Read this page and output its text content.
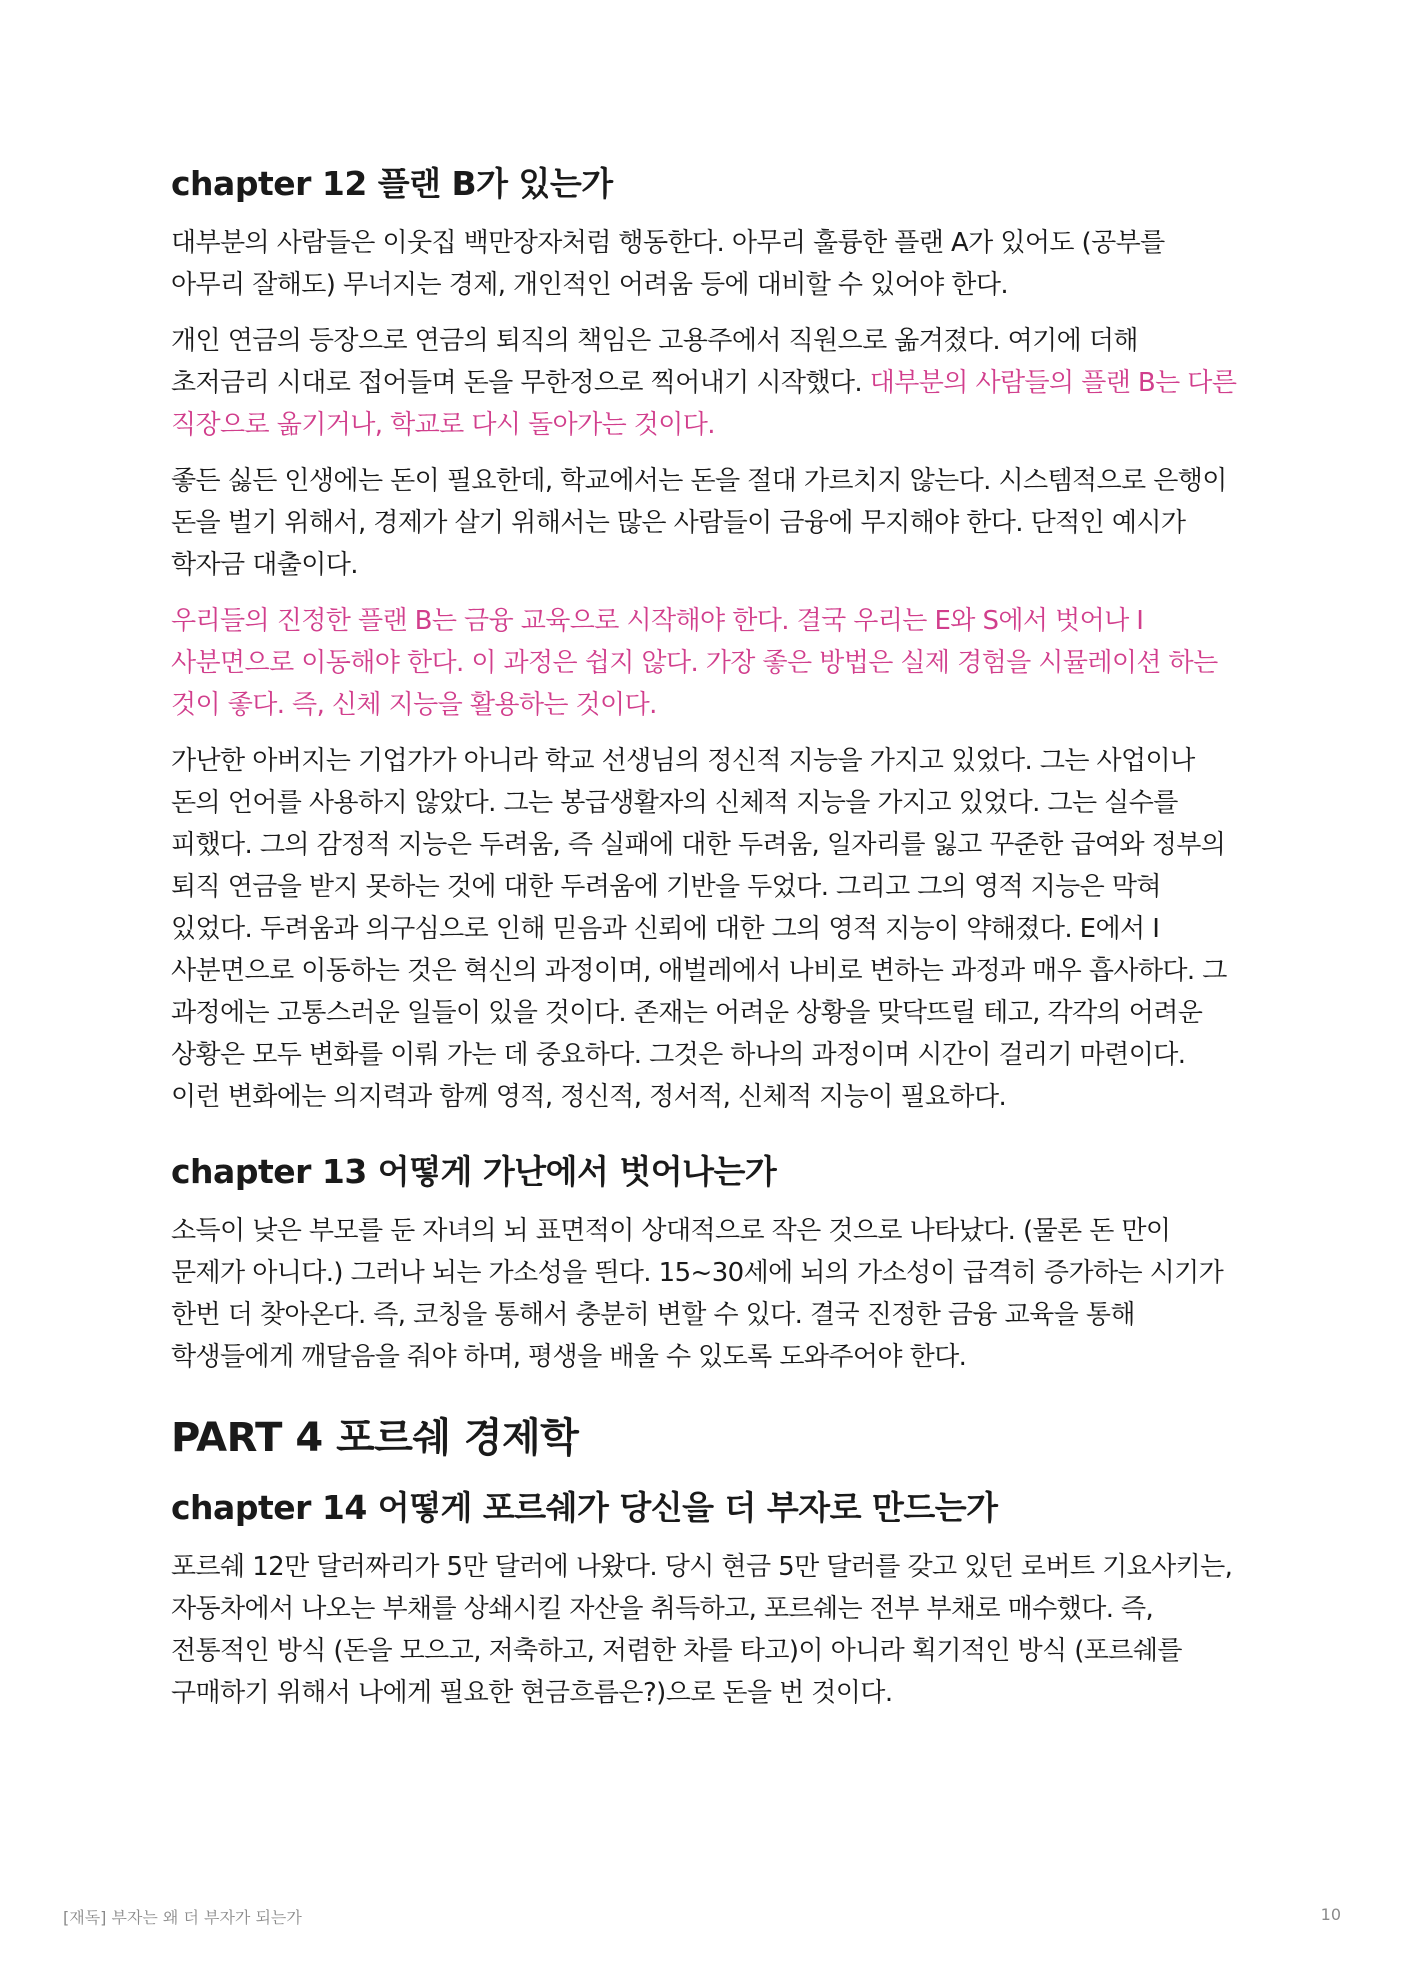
chapter 12 플랜 B가 있는가

대부분의 사람들은 이웃집 백만장자처럼 행동한다. 아무리 훌륭한 플랜 A가 있어도 (공부를 아무리 잘해도) 무너지는 경제, 개인적인 어려움 등에 대비할 수 있어야 한다.

개인 연금의 등장으로 연금의 퇴직의 책임은 고용주에서 직원으로 옮겨졌다. 여기에 더해 초저금리 시대로 접어들며 돈을 무한정으로 찍어내기 시작했다. 대부분의 사람들의 플랜 B는 다른 직장으로 옮기거나, 학교로 다시 돌아가는 것이다.

좋든 싫든 인생에는 돈이 필요한데, 학교에서는 돈을 절대 가르치지 않는다. 시스템적으로 은행이 돈을 벌기 위해서, 경제가 살기 위해서는 많은 사람들이 금융에 무지해야 한다. 단적인 예시가 학자금 대출이다.

우리들의 진정한 플랜 B는 금융 교육으로 시작해야 한다. 결국 우리는 E와 S에서 벗어나 I 사분면으로 이동해야 한다. 이 과정은 쉽지 않다. 가장 좋은 방법은 실제 경험을 시뮬레이션 하는 것이 좋다. 즉, 신체 지능을 활용하는 것이다.

가난한 아버지는 기업가가 아니라 학교 선생님의 정신적 지능을 가지고 있었다. 그는 사업이나 돈의 언어를 사용하지 않았다. 그는 봉급생활자의 신체적 지능을 가지고 있었다. 그는 실수를 피했다. 그의 감정적 지능은 두려움, 즉 실패에 대한 두려움, 일자리를 잃고 꾸준한 급여와 정부의 퇴직 연금을 받지 못하는 것에 대한 두려움에 기반을 두었다. 그리고 그의 영적 지능은 막혀 있었다. 두려움과 의구심으로 인해 믿음과 신뢰에 대한 그의 영적 지능이 약해졌다. E에서 I 사분면으로 이동하는 것은 혁신의 과정이며, 애벌레에서 나비로 변하는 과정과 매우 흡사하다. 그 과정에는 고통스러운 일들이 있을 것이다. 존재는 어려운 상황을 맞닥뜨릴 테고, 각각의 어려운 상황은 모두 변화를 이뤄 가는 데 중요하다. 그것은 하나의 과정이며 시간이 걸리기 마련이다. 이런 변화에는 의지력과 함께 영적, 정신적, 정서적, 신체적 지능이 필요하다.

chapter 13 어떻게 가난에서 벗어나는가

소득이 낮은 부모를 둔 자녀의 뇌 표면적이 상대적으로 작은 것으로 나타났다. (물론 돈 만이 문제가 아니다.) 그러나 뇌는 가소성을 띈다. 15~30세에 뇌의 가소성이 급격히 증가하는 시기가 한번 더 찾아온다. 즉, 코칭을 통해서 충분히 변할 수 있다. 결국 진정한 금융 교육을 통해 학생들에게 깨달음을 줘야 하며, 평생을 배울 수 있도록 도와주어야 한다.

PART 4 포르쉐 경제학
chapter 14 어떻게 포르쉐가 당신을 더 부자로 만드는가

포르쉐 12만 달러짜리가 5만 달러에 나왔다. 당시 현금 5만 달러를 갖고 있던 로버트 기요사키는, 자동차에서 나오는 부채를 상쇄시킬 자산을 취득하고, 포르쉐는 전부 부채로 매수했다. 즉, 전통적인 방식 (돈을 모으고, 저축하고, 저렴한 차를 타고)이 아니라 획기적인 방식 (포르쉐를 구매하기 위해서 나에게 필요한 현금흐름은?)으로 돈을 번 것이다.

[재독] 부자는 왜 더 부자가 되는가	10
